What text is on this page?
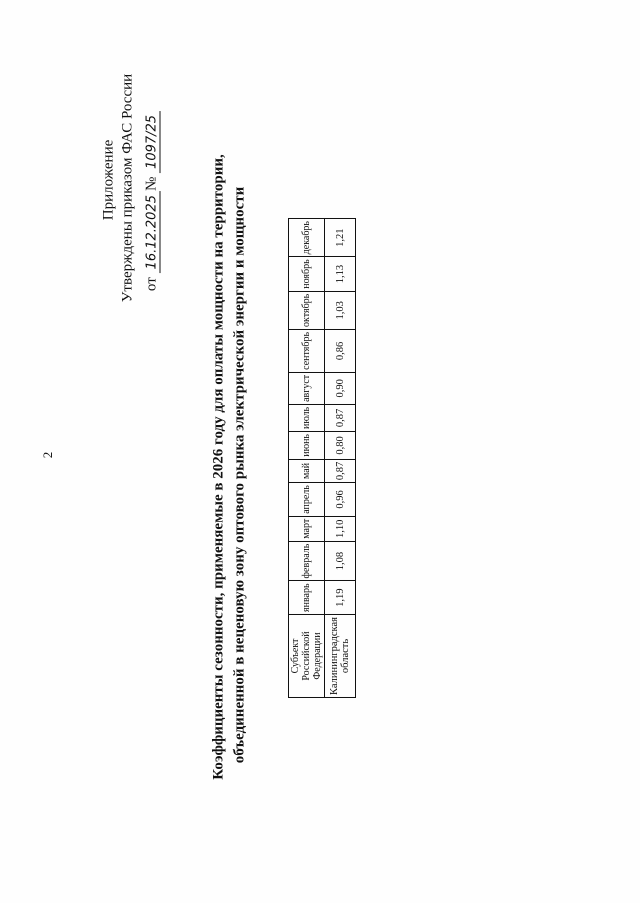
2
Приложение Утверждены приказом ФАС России от 16.12.2025№ 1097/25
Коэффициенты сезонности, применяемые в 2026 году для оплаты мощности на территории, объединенной в неценовую зону оптового рынка электрической энергии и мощности	Субъект Российской Федерации	январь	февраль	март	апрель	май	июнь	июль	август	сентябрь	октябрь	ноябрь	декабрь
Калининградская область	1,19	1,08	1,10	0,96	0,87	0,80	0,87	0,90	0,86	1,03	1,13	1,21
